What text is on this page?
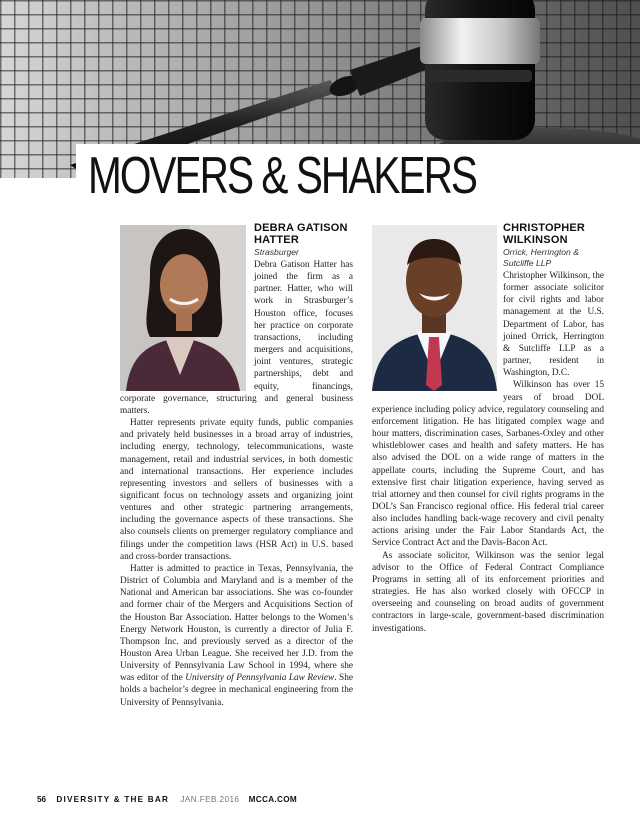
MOVERS & SHAKERS

DEBRA GATISON
HATTER

Strasburger

Debra Gatison Hatter has joined the firm as a partner. Hatter, who will work in Strasburger’s Houston office, focuses her practice on corporate transactions, including mergers and acquisitions, joint ventures, strategic partnerships, debt and equity, financings, corporate governance, structuring and general business matters.

Hatter represents private equity funds, public companies and privately held businesses in a broad array of industries, including energy, technology, telecommunications, waste management, retail and industrial services, in both domestic and international transactions. Her experience includes representing investors and sellers of businesses with a significant focus on technology assets and organizing joint ventures and other strategic partnering arrangements, including the governance aspects of these transactions. She also counsels clients on premerger regulatory compliance and filings under the competition laws (HSR Act) in U.S. based and cross-border transactions.

Hatter is admitted to practice in Texas, Pennsylvania, the District of Columbia and Maryland and is a member of the National and American bar associations. She was co-founder and former chair of the Mergers and Acquisitions Section of the Houston Bar Association. Hatter belongs to the Women’s Energy Network Houston, is currently a director of Julia F. Thompson Inc. and previously served as a director of the Houston Area Urban League. She received her J.D. from the University of Pennsylvania Law School in 1994, where she was editor of the University of Pennsylvania Law Review. She holds a bachelor’s degree in mechanical engineering from the University of Pennsylvania.

CHRISTOPHER
WILKINSON

Orrick, Herrington &
Sutcliffe LLP

Christopher Wilkinson, the former associate solicitor for civil rights and labor management at the U.S. Department of Labor, has joined Orrick, Herrington & Sutcliffe LLP as a partner, resident in Washington, D.C.

Wilkinson has over 15 years of broad DOL experience including policy advice, regulatory counseling and enforcement litigation. He has litigated complex wage and hour matters, discrimination cases, Sarbanes-Oxley and other whistleblower cases and health and safety matters. He has also advised the DOL on a wide range of matters in the appellate courts, including the Supreme Court, and has extensive first chair litigation experience, having served as trial attorney and then counsel for civil rights programs in the DOL’s San Francisco regional office. His federal trial career also includes handling back-wage recovery and civil penalty actions arising under the Fair Labor Standards Act, the Service Contract Act and the Davis-Bacon Act.

As associate solicitor, Wilkinson was the senior legal advisor to the Office of Federal Contract Compliance Programs in setting all of its enforcement priorities and strategies. He has also worked closely with OFCCP in overseeing and counseling on broad audits of government contractors in large-scale, government-based discrimination investigations.

56 DIVERSITY & THE BAR JAN.FEB.2016 MCCA.COM
